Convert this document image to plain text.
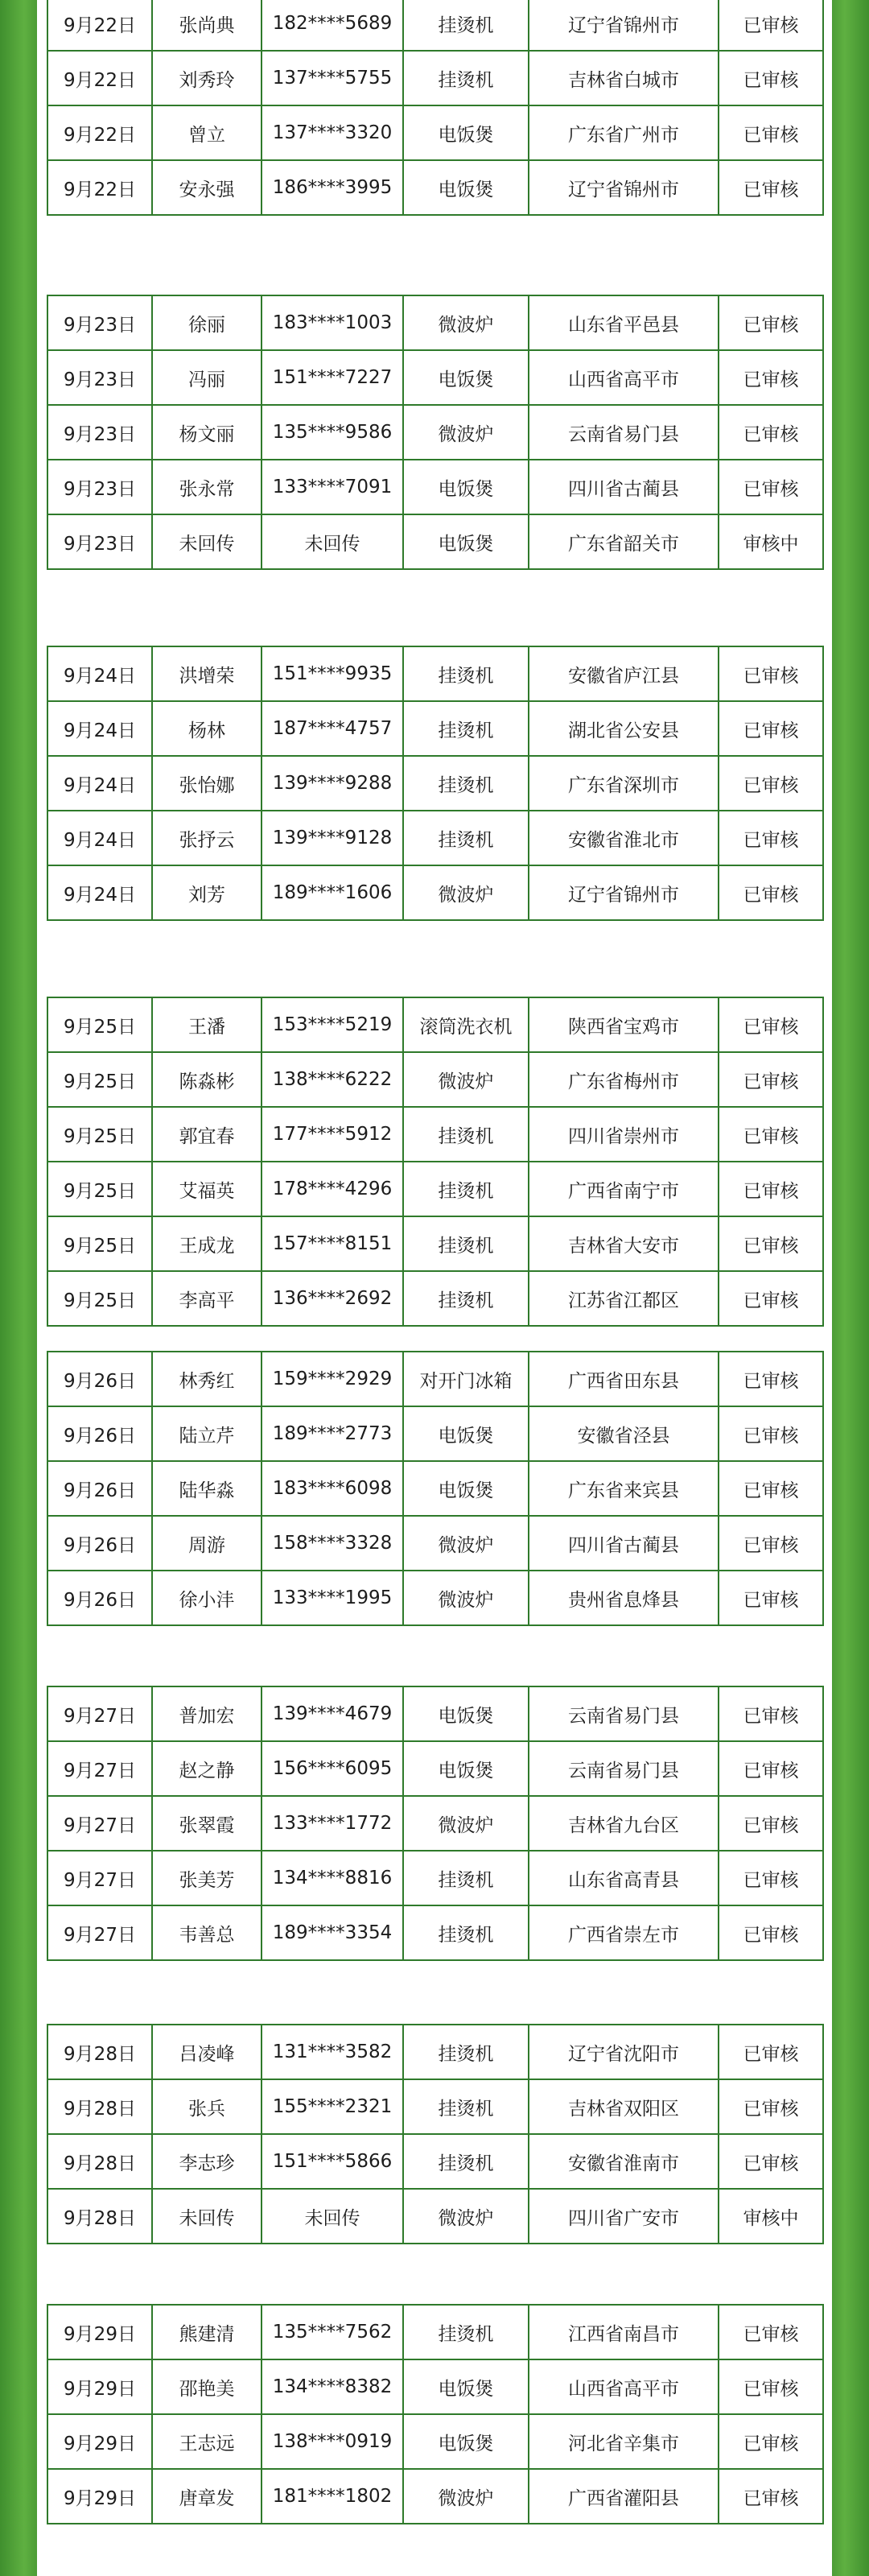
9月22日	张尚典	182****5689	挂烫机	辽宁省锦州市	已审核
9月22日	刘秀玲	137****5755	挂烫机	吉林省白城市	已审核
9月22日	曾立	137****3320	电饭煲	广东省广州市	已审核
9月22日	安永强	186****3995	电饭煲	辽宁省锦州市	已审核
9月23日	徐丽	183****1003	微波炉	山东省平邑县	已审核
9月23日	冯丽	151****7227	电饭煲	山西省高平市	已审核
9月23日	杨文丽	135****9586	微波炉	云南省易门县	已审核
9月23日	张永常	133****7091	电饭煲	四川省古蔺县	已审核
9月23日	未回传	未回传	电饭煲	广东省韶关市	审核中
9月24日	洪增荣	151****9935	挂烫机	安徽省庐江县	已审核
9月24日	杨林	187****4757	挂烫机	湖北省公安县	已审核
9月24日	张怡娜	139****9288	挂烫机	广东省深圳市	已审核
9月24日	张抒云	139****9128	挂烫机	安徽省淮北市	已审核
9月24日	刘芳	189****1606	微波炉	辽宁省锦州市	已审核
9月25日	王潘	153****5219	滚筒洗衣机	陕西省宝鸡市	已审核
9月25日	陈淼彬	138****6222	微波炉	广东省梅州市	已审核
9月25日	郭宜春	177****5912	挂烫机	四川省崇州市	已审核
9月25日	艾福英	178****4296	挂烫机	广西省南宁市	已审核
9月25日	王成龙	157****8151	挂烫机	吉林省大安市	已审核
9月25日	李高平	136****2692	挂烫机	江苏省江都区	已审核
9月26日	林秀红	159****2929	对开门冰箱	广西省田东县	已审核
9月26日	陆立芹	189****2773	电饭煲	安徽省泾县	已审核
9月26日	陆华淼	183****6098	电饭煲	广东省来宾县	已审核
9月26日	周游	158****3328	微波炉	四川省古蔺县	已审核
9月26日	徐小沣	133****1995	微波炉	贵州省息烽县	已审核
9月27日	普加宏	139****4679	电饭煲	云南省易门县	已审核
9月27日	赵之静	156****6095	电饭煲	云南省易门县	已审核
9月27日	张翠霞	133****1772	微波炉	吉林省九台区	已审核
9月27日	张美芳	134****8816	挂烫机	山东省高青县	已审核
9月27日	韦善总	189****3354	挂烫机	广西省崇左市	已审核
9月28日	吕凌峰	131****3582	挂烫机	辽宁省沈阳市	已审核
9月28日	张兵	155****2321	挂烫机	吉林省双阳区	已审核
9月28日	李志珍	151****5866	挂烫机	安徽省淮南市	已审核
9月28日	未回传	未回传	微波炉	四川省广安市	审核中
9月29日	熊建清	135****7562	挂烫机	江西省南昌市	已审核
9月29日	邵艳美	134****8382	电饭煲	山西省高平市	已审核
9月29日	王志远	138****0919	电饭煲	河北省辛集市	已审核
9月29日	唐章发	181****1802	微波炉	广西省灌阳县	已审核
